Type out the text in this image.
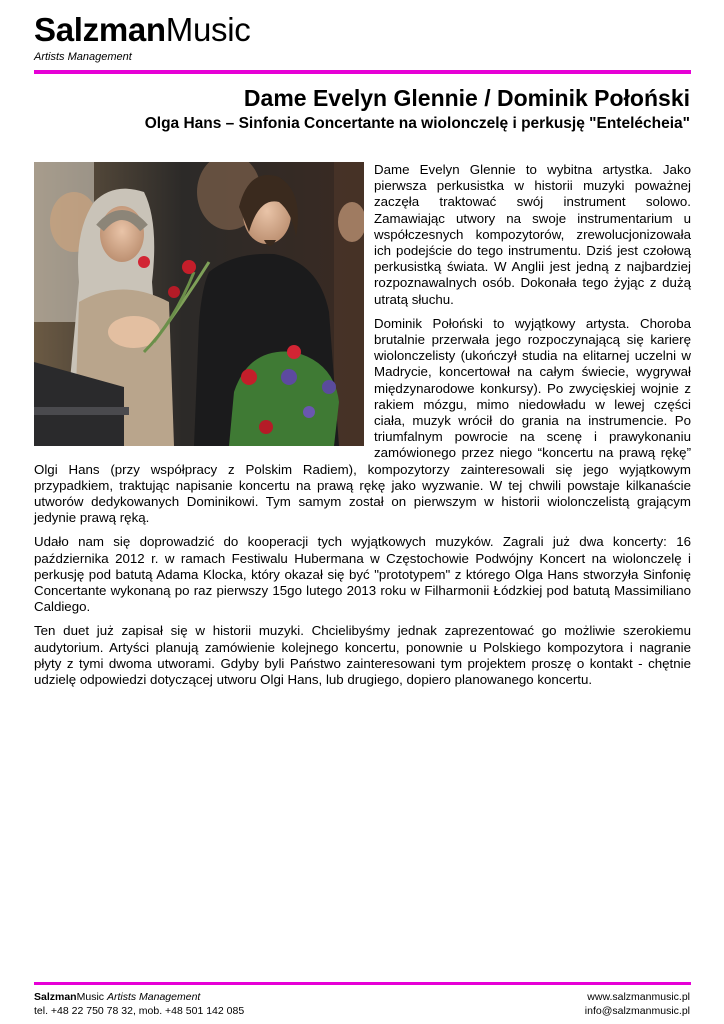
SalzmanMusic
Artists Management
Dame Evelyn Glennie / Dominik Połoński
Olga Hans – Sinfonia Concertante na wiolonczelę i perkusję "Entelécheia"

Dame Evelyn Glennie to wybitna artystka. Jako pierwsza perkusistka w historii muzyki poważnej zaczęła traktować swój instrument solowo. Zamawiając utwory na swoje instrumentarium u współczesnych kompozytorów, zrewolucjonizowała ich podejście do tego instrumentu. Dziś jest czołową perkusistką świata. W Anglii jest jedną z najbardziej rozpoznawalnych osób. Dokonała tego żyjąc z dużą utratą słuchu.

Dominik Połoński to wyjątkowy artysta. Choroba brutalnie przerwała jego rozpoczynającą się karierę wiolonczelisty (ukończył studia na elitarnej uczelni w Madrycie, koncertował na całym świecie, wygrywał międzynarodowe konkursy). Po zwycięskiej wojnie z rakiem mózgu, mimo niedowładu w lewej części ciała, muzyk wrócił do grania na instrumencie. Po triumfalnym powrocie na scenę i prawykonaniu zamówionego przez niego “koncertu na prawą rękę” Olgi Hans (przy współpracy z Polskim Radiem), kompozytorzy zainteresowali się jego wyjątkowym przypadkiem, traktując napisanie koncertu na prawą rękę jako wyzwanie. W tej chwili powstaje kilkanaście utworów dedykowanych Dominikowi. Tym samym został on pierwszym w historii wiolonczelistą grającym jedynie prawą ręką.

Udało nam się doprowadzić do kooperacji tych wyjątkowych muzyków. Zagrali już dwa koncerty: 16 października 2012 r. w ramach Festiwalu Hubermana w Częstochowie Podwójny Koncert na wiolonczelę i perkusję pod batutą Adama Klocka, który okazał się być "prototypem" z którego Olga Hans stworzyła Sinfonię Concertante wykonaną po raz pierwszy 15go lutego 2013 roku w Filharmonii Łódzkiej pod batutą Massimiliano Caldiego.

Ten duet już zapisał się w historii muzyki. Chcielibyśmy jednak zaprezentować go możliwie szerokiemu audytorium. Artyści planują zamówienie kolejnego koncertu, ponownie u Polskiego kompozytora i nagranie płyty z tymi dwoma utworami. Gdyby byli Państwo zainteresowani tym projektem proszę o kontakt - chętnie udzielę odpowiedzi dotyczącej utworu Olgi Hans, lub drugiego, dopiero planowanego koncertu.

SalzmanMusic Artists Management
tel. +48 22 750 78 32, mob. +48 501 142 085
www.salzmanmusic.pl
info@salzmanmusic.pl
